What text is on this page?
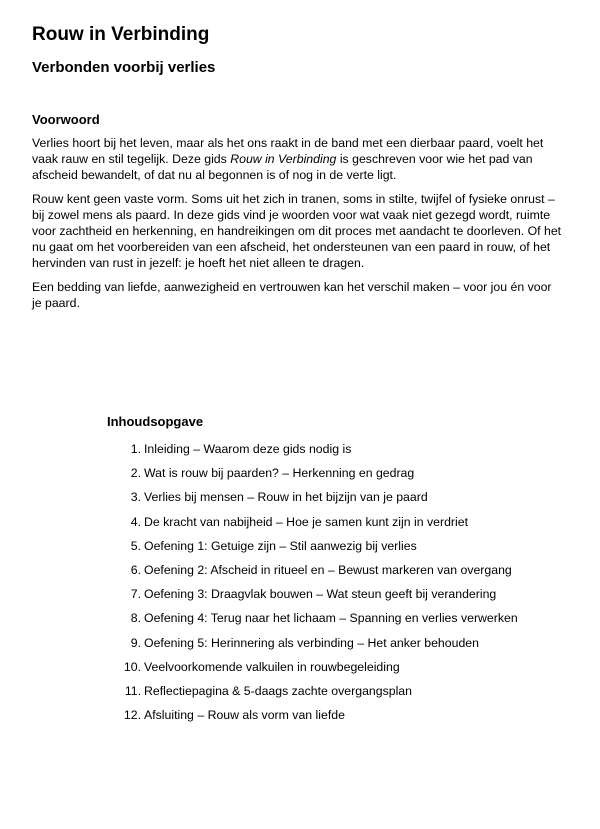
Rouw in Verbinding
Verbonden voorbij verlies
Voorwoord

Verlies hoort bij het leven, maar als het ons raakt in de band met een dierbaar paard, voelt het vaak rauw en stil tegelijk. Deze gids Rouw in Verbinding is geschreven voor wie het pad van afscheid bewandelt, of dat nu al begonnen is of nog in de verte ligt.

Rouw kent geen vaste vorm. Soms uit het zich in tranen, soms in stilte, twijfel of fysieke onrust – bij zowel mens als paard. In deze gids vind je woorden voor wat vaak niet gezegd wordt, ruimte voor zachtheid en herkenning, en handreikingen om dit proces met aandacht te doorleven. Of het nu gaat om het voorbereiden van een afscheid, het ondersteunen van een paard in rouw, of het hervinden van rust in jezelf: je hoeft het niet alleen te dragen.

Een bedding van liefde, aanwezigheid en vertrouwen kan het verschil maken – voor jou én voor je paard.

Inhoudsopgave
1. Inleiding – Waarom deze gids nodig is
2. Wat is rouw bij paarden? – Herkenning en gedrag
3. Verlies bij mensen – Rouw in het bijzijn van je paard
4. De kracht van nabijheid – Hoe je samen kunt zijn in verdriet
5. Oefening 1: Getuige zijn – Stil aanwezig bij verlies
6. Oefening 2: Afscheid in ritueel en – Bewust markeren van overgang
7. Oefening 3: Draagvlak bouwen – Wat steun geeft bij verandering
8. Oefening 4: Terug naar het lichaam – Spanning en verlies verwerken
9. Oefening 5: Herinnering als verbinding – Het anker behouden
10. Veelvoorkomende valkuilen in rouwbegeleiding
11. Reflectiepagina & 5-daags zachte overgangsplan
12. Afsluiting – Rouw als vorm van liefde
